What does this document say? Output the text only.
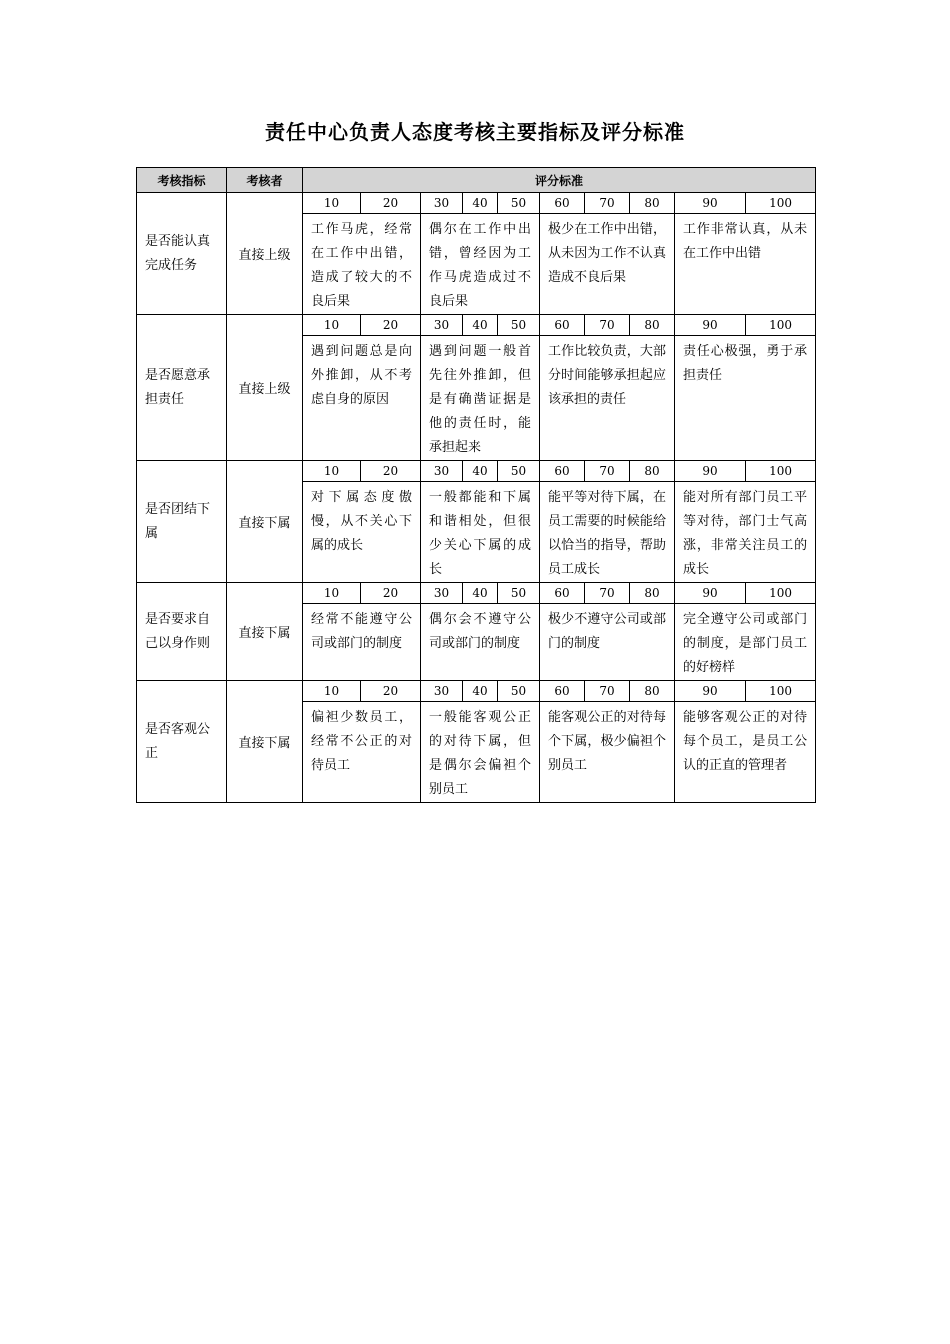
责任中心负责人态度考核主要指标及评分标准
考核指标	考核者	评分标准									
是否能认真完成任务	直接上级	10	20	30	40	50	60	70	80	90	100
		工作马虎，经常在工作中出错，造成了较大的不良后果		偶尔在工作中出错，曾经因为工作马虎造成过不良后果			极少在工作中出错，从未因为工作不认真造成不良后果			工作非常认真，从未在工作中出错	
是否愿意承担责任	直接上级	10	20	30	40	50	60	70	80	90	100
		遇到问题总是向外推卸，从不考虑自身的原因		遇到问题一般首先往外推卸，但是有确凿证据是他的责任时，能承担起来			工作比较负责，大部分时间能够承担起应该承担的责任			责任心极强，勇于承担责任	
是否团结下属	直接下属	10	20	30	40	50	60	70	80	90	100
		对下属态度傲慢，从不关心下属的成长		一般都能和下属和谐相处，但很少关心下属的成长			能平等对待下属，在员工需要的时候能给以恰当的指导，帮助员工成长			能对所有部门员工平等对待，部门士气高涨，非常关注员工的成长	
是否要求自己以身作则	直接下属	10	20	30	40	50	60	70	80	90	100
		经常不能遵守公司或部门的制度		偶尔会不遵守公司或部门的制度			极少不遵守公司或部门的制度			完全遵守公司或部门的制度，是部门员工的好榜样	
是否客观公正	直接下属	10	20	30	40	50	60	70	80	90	100
		偏袒少数员工，经常不公正的对待员工		一般能客观公正的对待下属，但是偶尔会偏袒个别员工			能客观公正的对待每个下属，极少偏袒个别员工			能够客观公正的对待每个员工，是员工公认的正直的管理者	
